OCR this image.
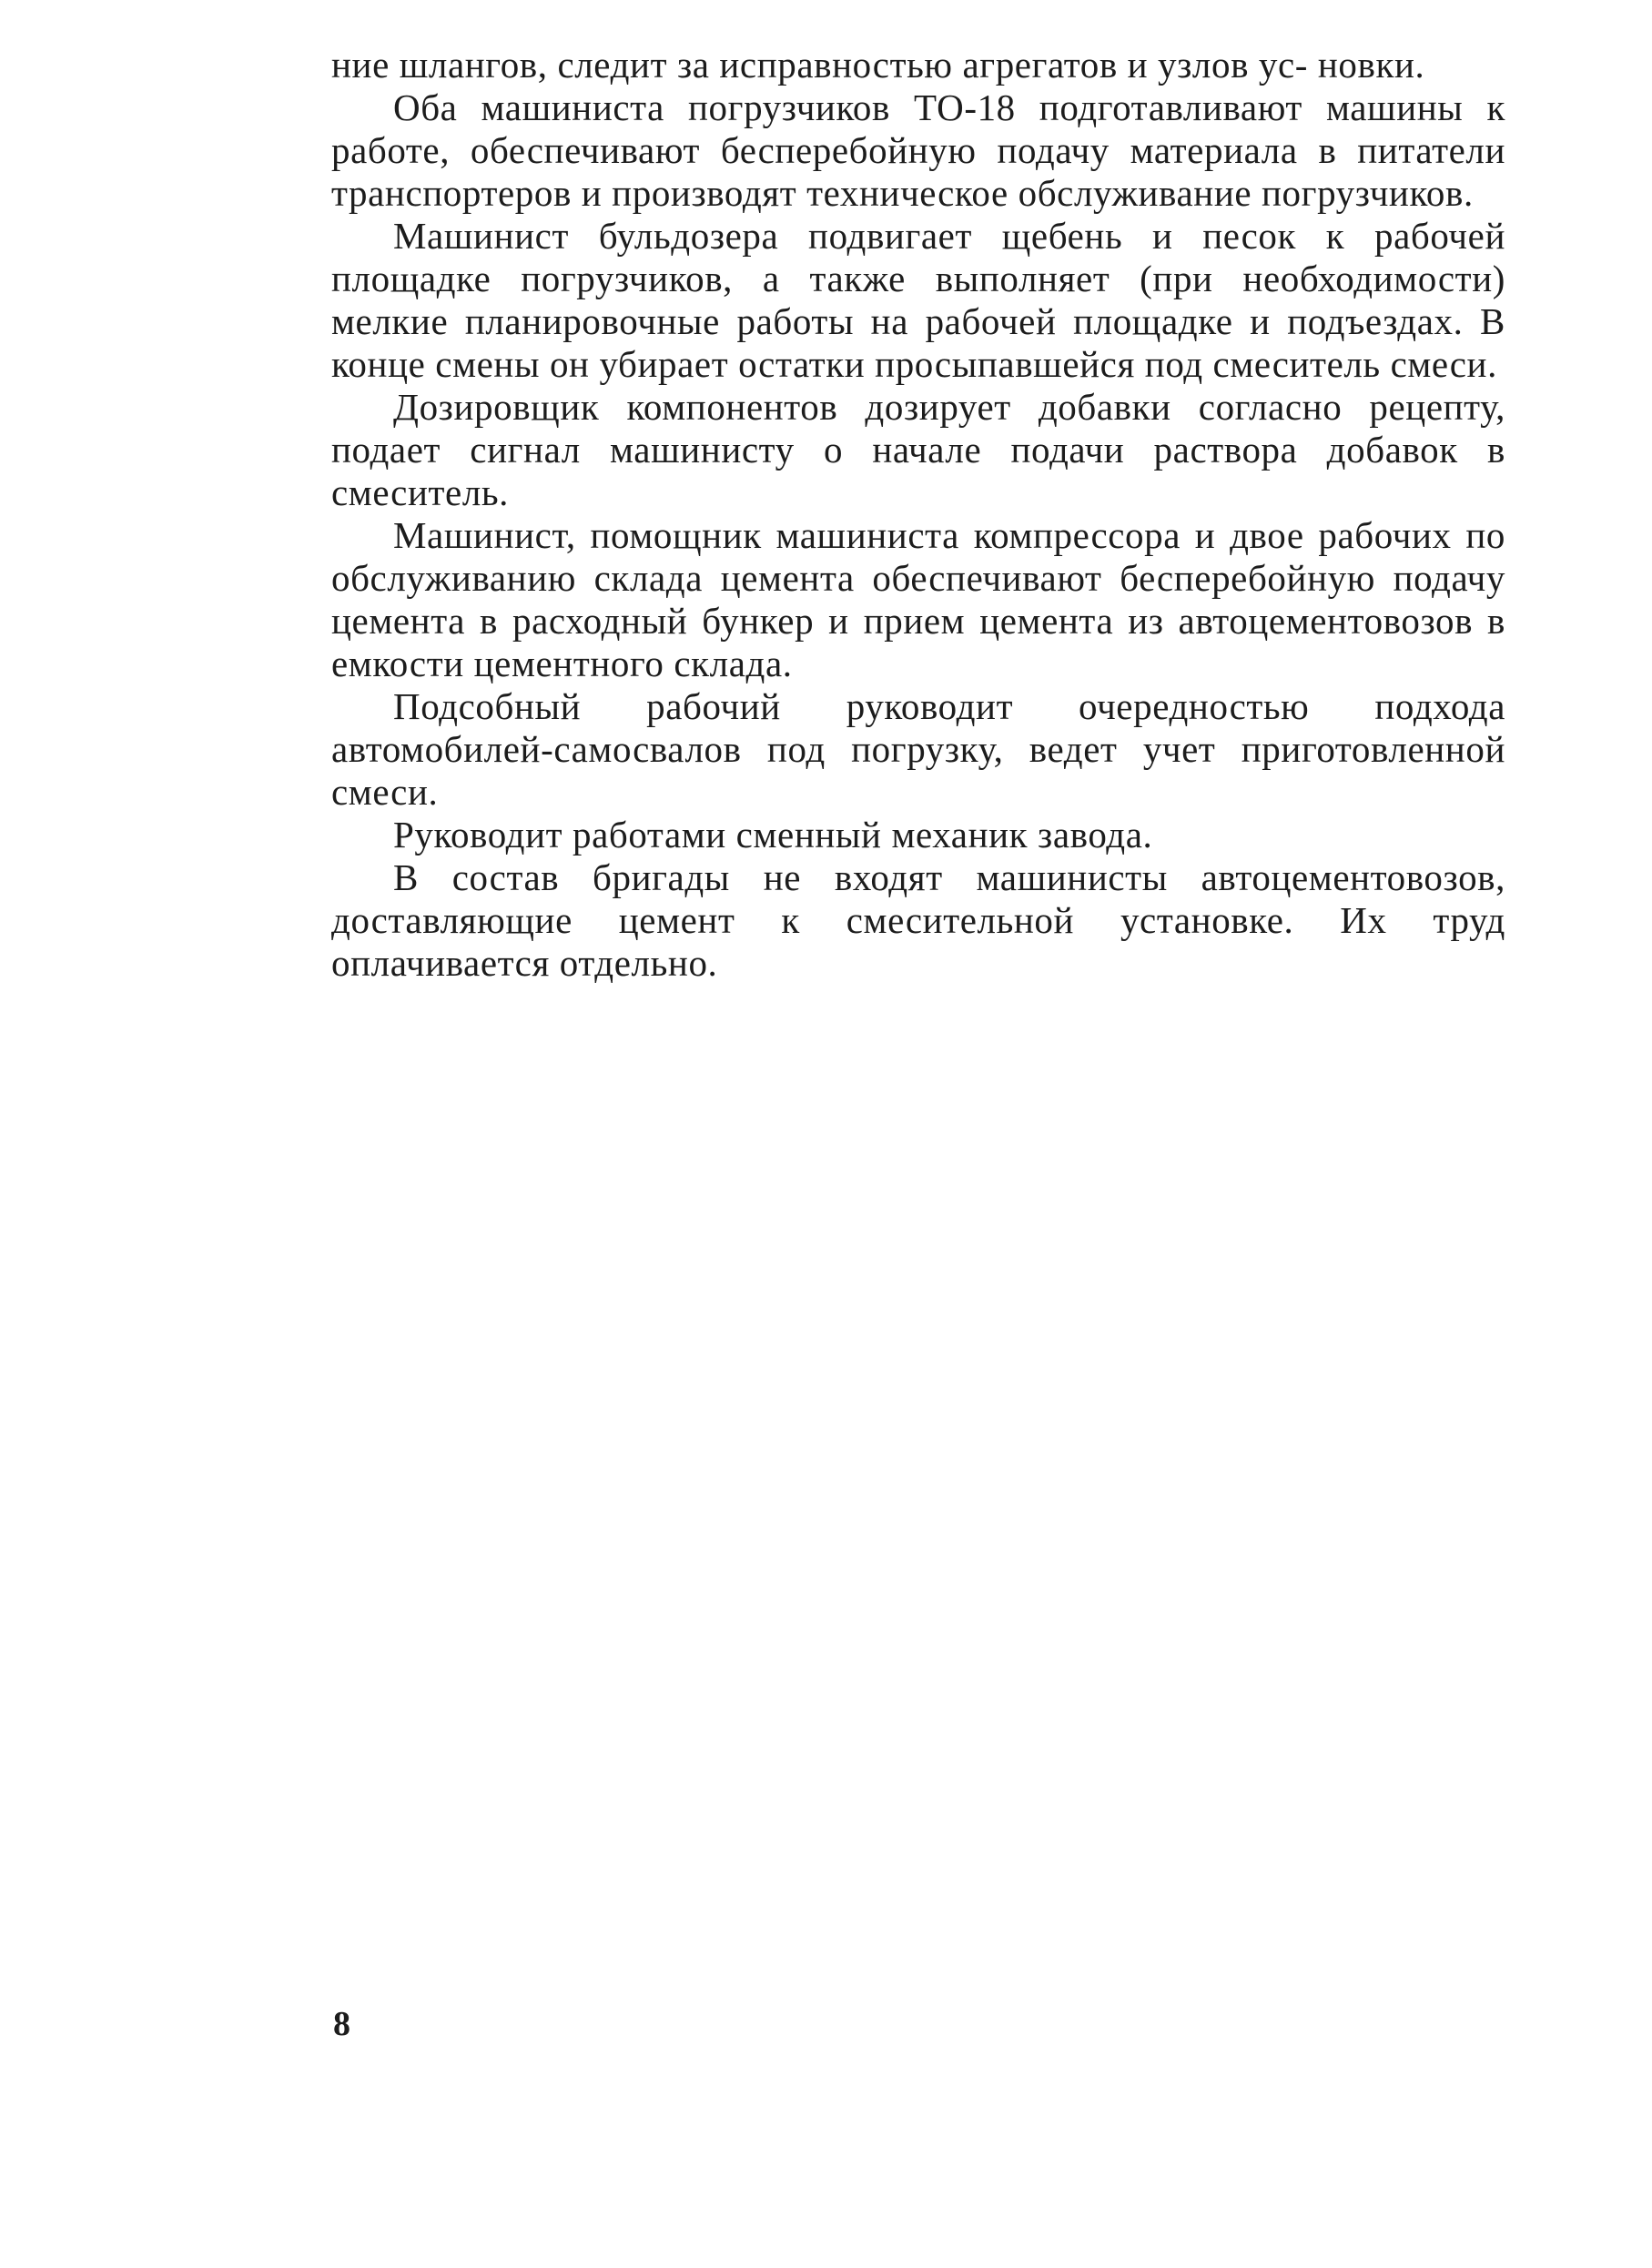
ние шлангов, следит за исправностью агрегатов и узлов ус- новки.

Оба машиниста погрузчиков ТО-18 подготавливают машины к работе, обеспечивают бесперебойную подачу материала в питатели транспортеров и производят техническое обслуживание погрузчиков.

Машинист бульдозера подвигает щебень и песок к рабочей площадке погрузчиков, а также выполняет (при необходимости) мелкие планировочные работы на рабочей площадке и подъездах. В конце смены он убирает остатки просыпавшейся под смеситель смеси.

Дозировщик компонентов дозирует добавки согласно рецепту, подает сигнал машинисту о начале подачи раствора добавок в смеситель.

Машинист, помощник машиниста компрессора и двое рабочих по обслуживанию склада цемента обеспечивают бесперебойную подачу цемента в расходный бункер и прием цемента из автоцементовозов в емкости цементного склада.

Подсобный рабочий руководит очередностью подхода автомобилей-самосвалов под погрузку, ведет учет приготовленной смеси.

Руководит работами сменный механик завода.

В состав бригады не входят машинисты автоцементовозов, доставляющие цемент к смесительной установке. Их труд оплачивается отдельно.

8
